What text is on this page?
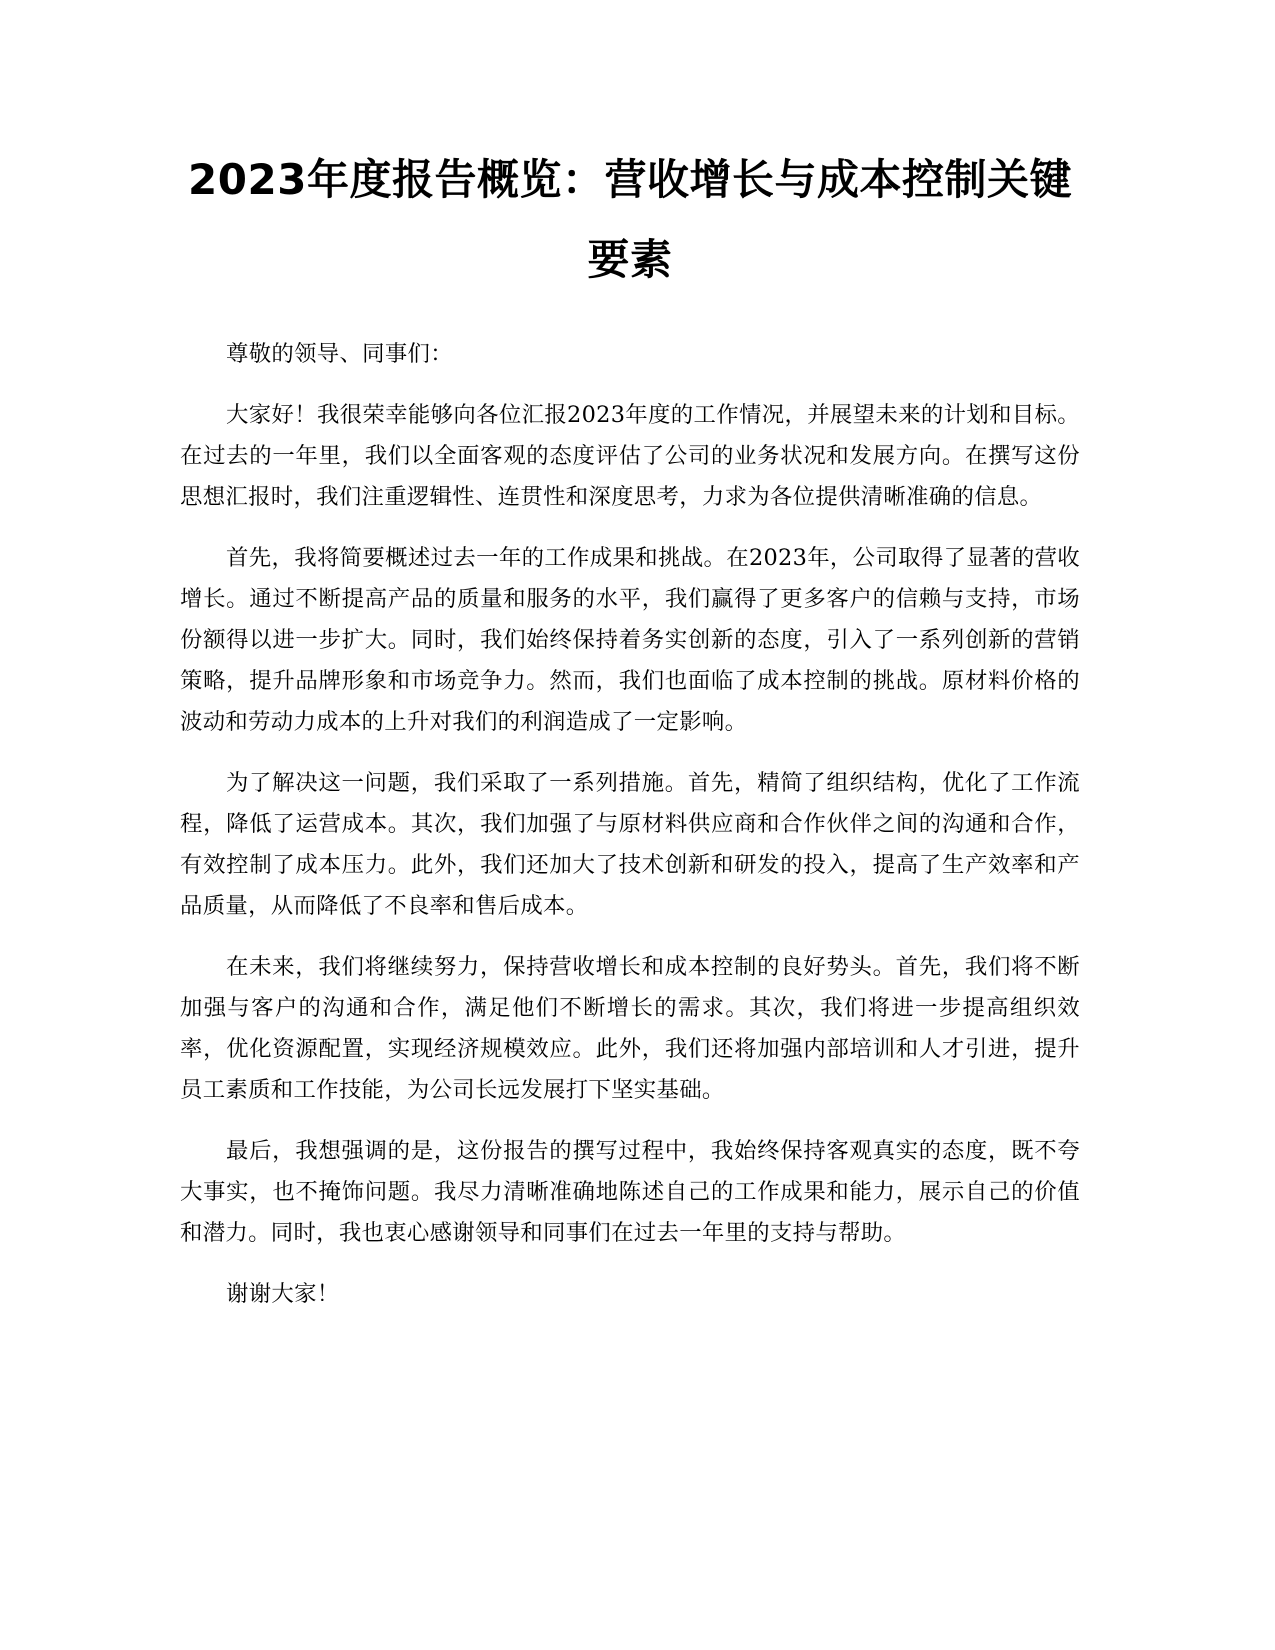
2023年度报告概览：营收增长与成本控制关键要素

尊敬的领导、同事们：

大家好！我很荣幸能够向各位汇报2023年度的工作情况，并展望未来的计划和目标。在过去的一年里，我们以全面客观的态度评估了公司的业务状况和发展方向。在撰写这份思想汇报时，我们注重逻辑性、连贯性和深度思考，力求为各位提供清晰准确的信息。

首先，我将简要概述过去一年的工作成果和挑战。在2023年，公司取得了显著的营收增长。通过不断提高产品的质量和服务的水平，我们赢得了更多客户的信赖与支持，市场份额得以进一步扩大。同时，我们始终保持着务实创新的态度，引入了一系列创新的营销策略，提升品牌形象和市场竞争力。然而，我们也面临了成本控制的挑战。原材料价格的波动和劳动力成本的上升对我们的利润造成了一定影响。

为了解决这一问题，我们采取了一系列措施。首先，精简了组织结构，优化了工作流程，降低了运营成本。其次，我们加强了与原材料供应商和合作伙伴之间的沟通和合作，有效控制了成本压力。此外，我们还加大了技术创新和研发的投入，提高了生产效率和产品质量，从而降低了不良率和售后成本。

在未来，我们将继续努力，保持营收增长和成本控制的良好势头。首先，我们将不断加强与客户的沟通和合作，满足他们不断增长的需求。其次，我们将进一步提高组织效率，优化资源配置，实现经济规模效应。此外，我们还将加强内部培训和人才引进，提升员工素质和工作技能，为公司长远发展打下坚实基础。

最后，我想强调的是，这份报告的撰写过程中，我始终保持客观真实的态度，既不夸大事实，也不掩饰问题。我尽力清晰准确地陈述自己的工作成果和能力，展示自己的价值和潜力。同时，我也衷心感谢领导和同事们在过去一年里的支持与帮助。

谢谢大家！
